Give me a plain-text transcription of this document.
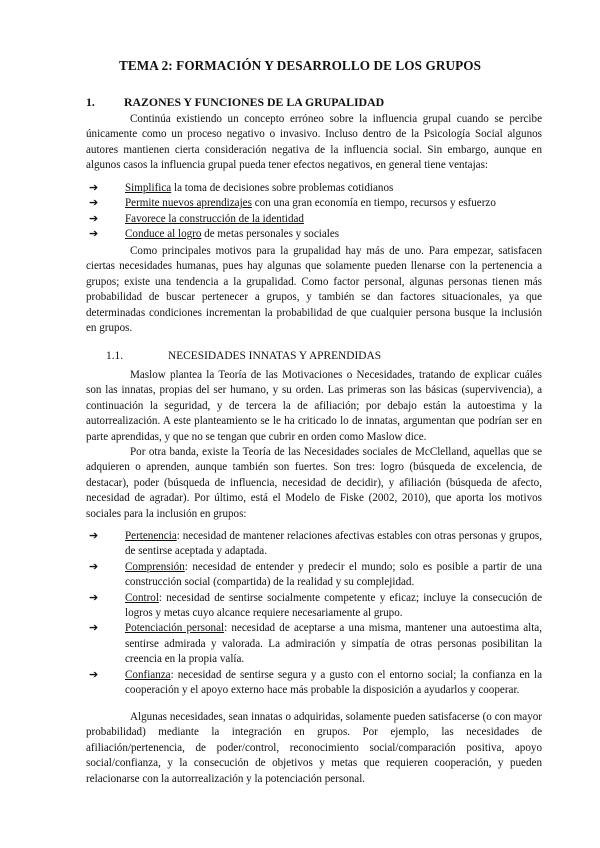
TEMA 2: FORMACIÓN Y DESARROLLO DE LOS GRUPOS
1. RAZONES Y FUNCIONES DE LA GRUPALIDAD

Continúa existiendo un concepto erróneo sobre la influencia grupal cuando se percibe únicamente como un proceso negativo o invasivo. Incluso dentro de la Psicología Social algunos autores mantienen cierta consideración negativa de la influencia social. Sin embargo, aunque en algunos casos la influencia grupal pueda tener efectos negativos, en general tiene ventajas:

➔ Simplifica la toma de decisiones sobre problemas cotidianos
➔ Permite nuevos aprendizajes con una gran economía en tiempo, recursos y esfuerzo
➔ Favorece la construcción de la identidad
➔ Conduce al logro de metas personales y sociales

Como principales motivos para la grupalidad hay más de uno. Para empezar, satisfacen ciertas necesidades humanas, pues hay algunas que solamente pueden llenarse con la pertenencia a grupos; existe una tendencia a la grupalidad. Como factor personal, algunas personas tienen más probabilidad de buscar pertenecer a grupos, y también se dan factores situacionales, ya que determinadas condiciones incrementan la probabilidad de que cualquier persona busque la inclusión en grupos.

1.1.	NECESIDADES INNATAS Y APRENDIDAS

Maslow plantea la Teoría de las Motivaciones o Necesidades, tratando de explicar cuáles son las innatas, propias del ser humano, y su orden. Las primeras son las básicas (supervivencia), a continuación la seguridad, y de tercera la de afiliación; por debajo están la autoestima y la autorrealización. A este planteamiento se le ha criticado lo de innatas, argumentan que podrían ser en parte aprendidas, y que no se tengan que cubrir en orden como Maslow dice.

Por otra banda, existe la Teoría de las Necesidades sociales de McClelland, aquellas que se adquieren o aprenden, aunque también son fuertes. Son tres: logro (búsqueda de excelencia, de destacar), poder (búsqueda de influencia, necesidad de decidir), y afiliación (búsqueda de afecto, necesidad de agradar). Por último, está el Modelo de Fiske (2002, 2010), que aporta los motivos sociales para la inclusión en grupos:

➔ Pertenencia: necesidad de mantener relaciones afectivas estables con otras personas y grupos, de sentirse aceptada y adaptada.
➔ Comprensión: necesidad de entender y predecir el mundo; solo es posible a partir de una construcción social (compartida) de la realidad y su complejidad.
➔ Control: necesidad de sentirse socialmente competente y eficaz; incluye la consecución de logros y metas cuyo alcance requiere necesariamente al grupo.
➔ Potenciación personal: necesidad de aceptarse a una misma, mantener una autoestima alta, sentirse admirada y valorada. La admiración y simpatía de otras personas posibilitan la creencia en la propia valía.
➔ Confianza: necesidad de sentirse segura y a gusto con el entorno social; la confianza en la cooperación y el apoyo externo hace más probable la disposición a ayudarlos y cooperar.

Algunas necesidades, sean innatas o adquiridas, solamente pueden satisfacerse (o con mayor probabilidad) mediante la integración en grupos. Por ejemplo, las necesidades de afiliación/pertenencia, de poder/control, reconocimiento social/comparación positiva, apoyo social/confianza, y la consecución de objetivos y metas que requieren cooperación, y pueden relacionarse con la autorrealización y la potenciación personal.
